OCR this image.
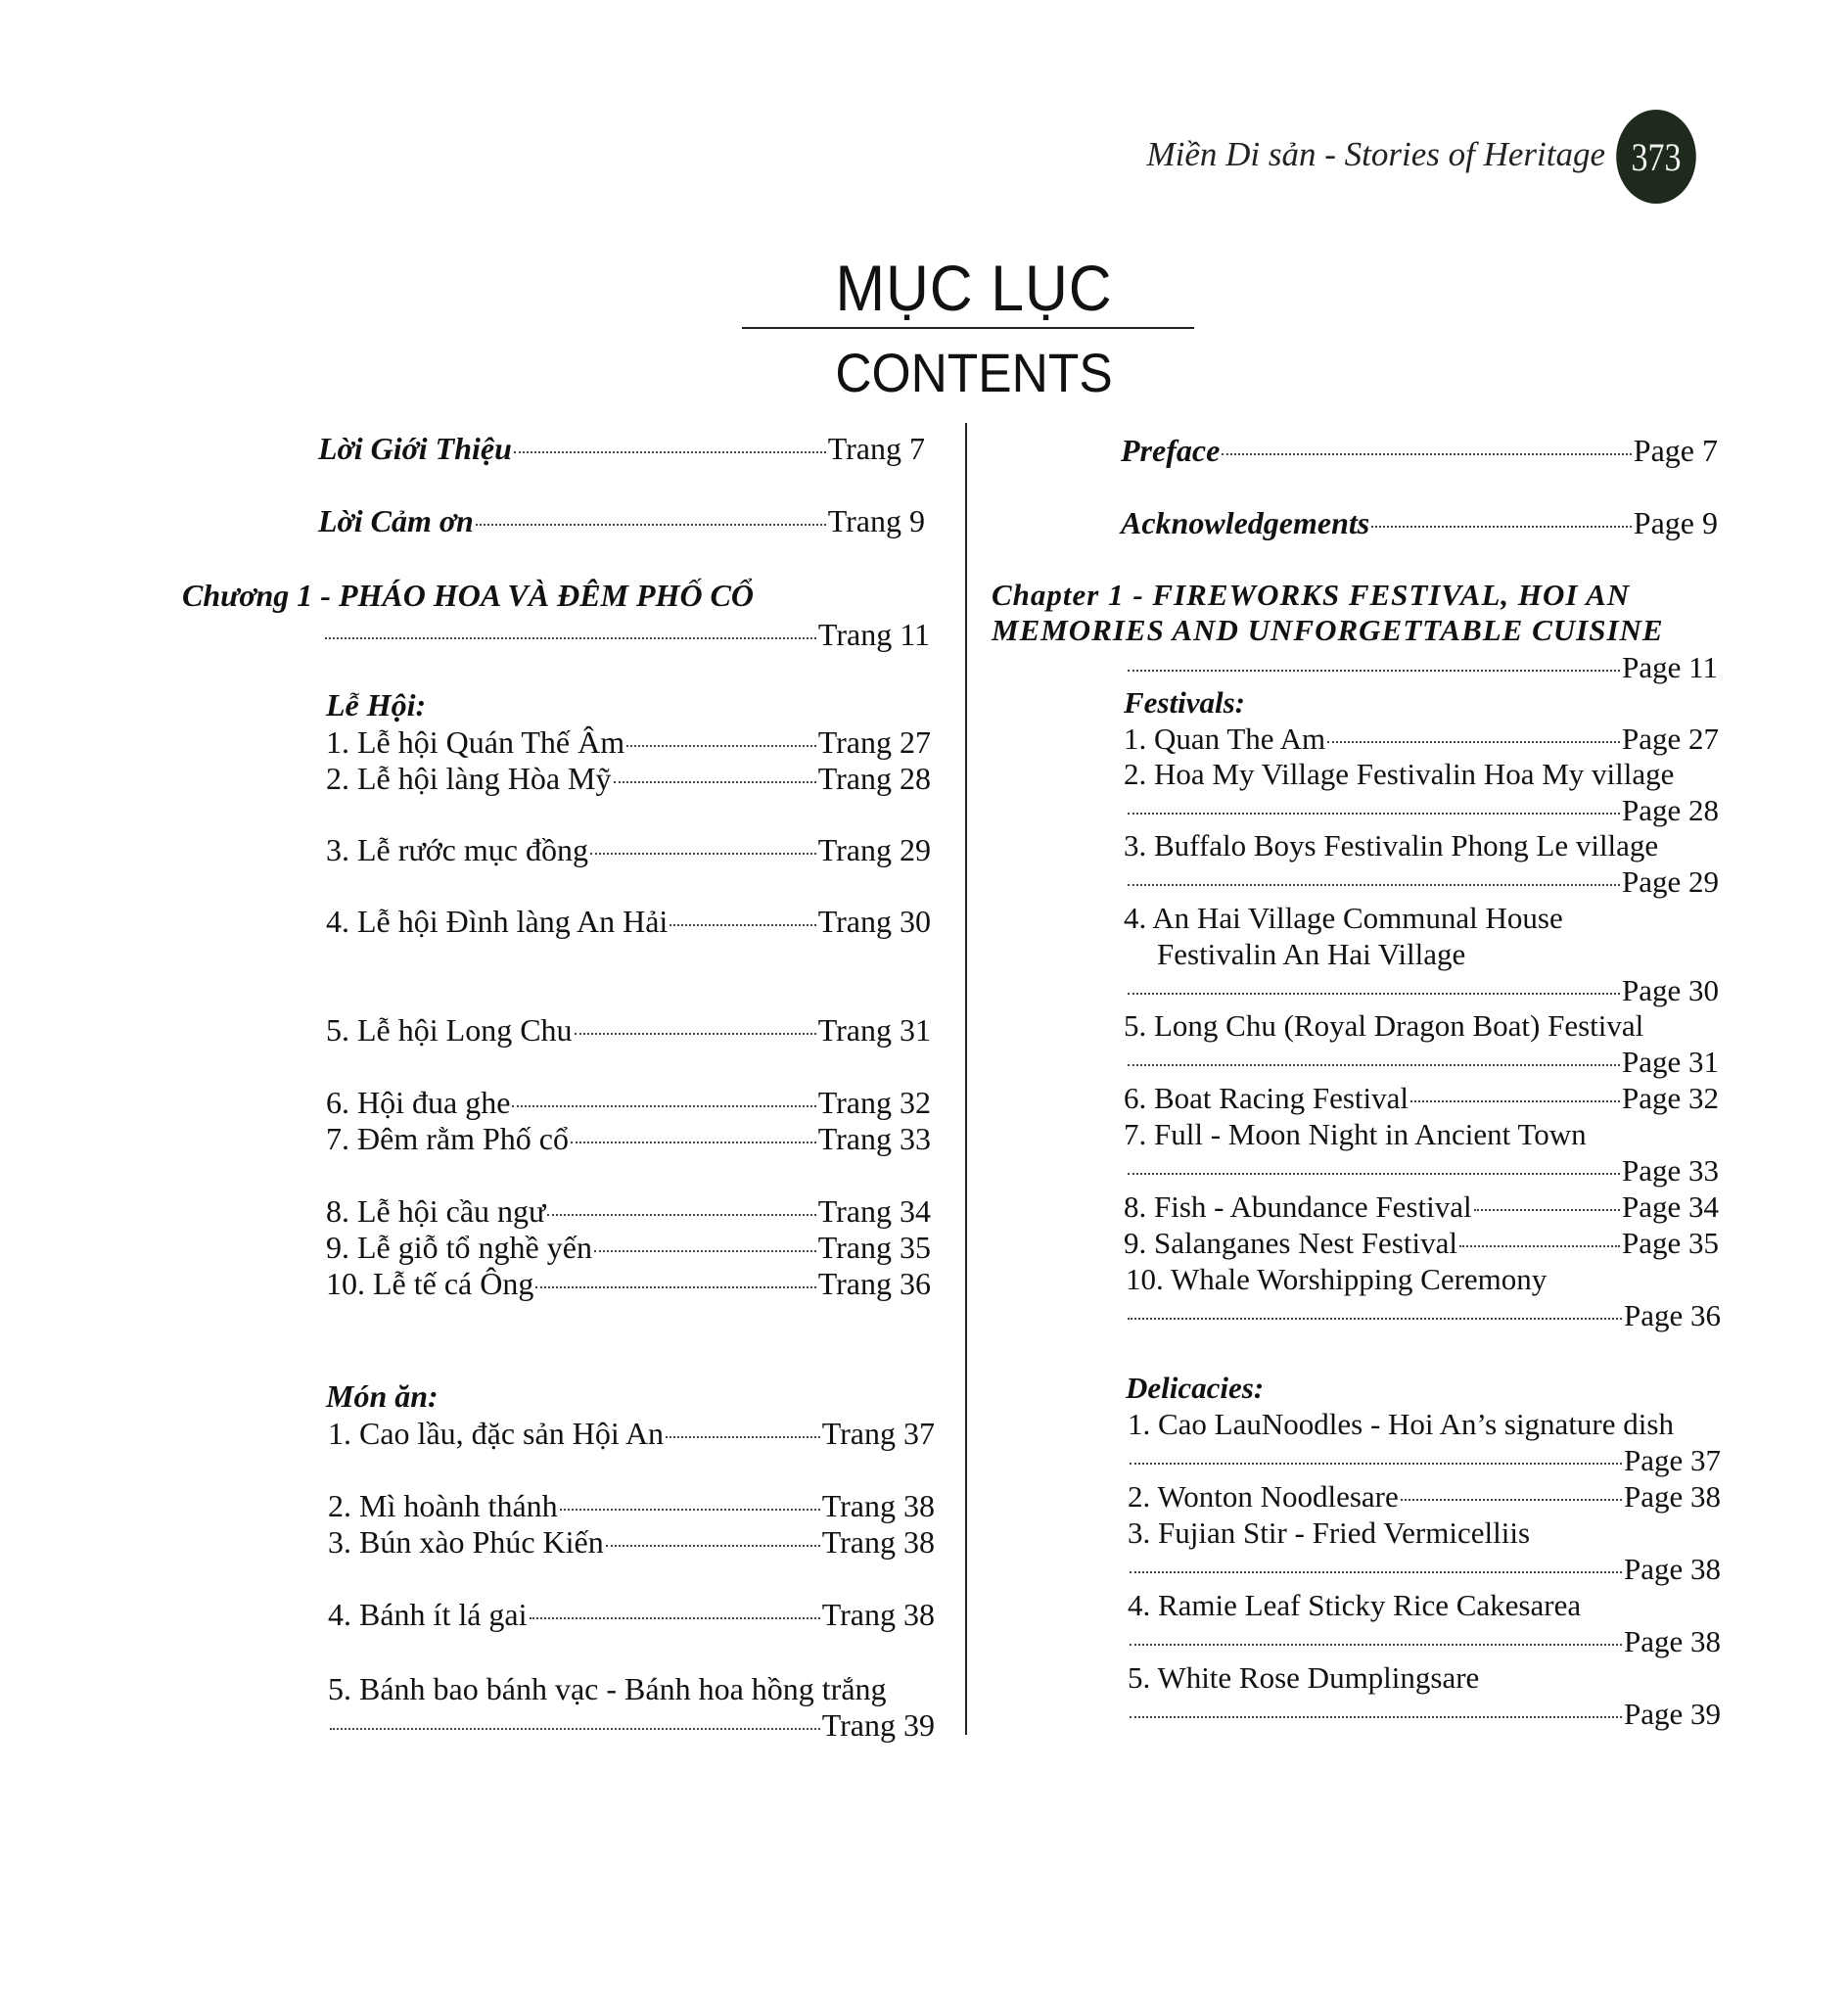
Miền Di sản - Stories of Heritage 373
MỤC LỤC
CONTENTS
Lời Giới Thiệu	Trang 7
Lời Cảm ơn	Trang 9
Chương 1 - PHÁO HOA VÀ ĐÊM PHỐ CỔ
Trang 11
Lễ Hội:
1. Lễ hội Quán Thế Âm	Trang 27
2. Lễ hội làng Hòa Mỹ	Trang 28
3. Lễ rước mục đồng	Trang 29
4. Lễ hội Đình làng An Hải	Trang 30
5. Lễ hội Long Chu	Trang 31
6. Hội đua ghe	Trang 32
7. Đêm rằm Phố cổ	Trang 33
8. Lễ hội cầu ngư	Trang 34
9. Lễ giỗ tổ nghề yến	Trang 35
10. Lễ tế cá Ông	Trang 36
Món ăn:
1. Cao lầu, đặc sản Hội An	Trang 37
2. Mì hoành thánh	Trang 38
3. Bún xào Phúc Kiến	Trang 38
4. Bánh ít lá gai	Trang 38
5. Bánh bao bánh vạc - Bánh hoa hồng trắng
Trang 39
Preface	Page 7
Acknowledgements	Page 9
Chapter 1 - FIREWORKS FESTIVAL, HOI AN
MEMORIES AND UNFORGETTABLE CUISINE
Page 11
Festivals:
1. Quan The Am	Page 27
2. Hoa My Village Festivalin Hoa My village
Page 28
3. Buffalo Boys Festivalin Phong Le village
Page 29
4. An Hai Village Communal House
Festivalin An Hai Village
Page 30
5. Long Chu (Royal Dragon Boat) Festival
Page 31
6. Boat Racing Festival	Page 32
7. Full - Moon Night in Ancient Town
Page 33
8. Fish - Abundance Festival	Page 34
9. Salanganes Nest Festival	Page 35
10. Whale Worshipping Ceremony
Page 36
Delicacies:
1. Cao LauNoodles - Hoi An’s signature dish
Page 37
2. Wonton Noodlesare	Page 38
3. Fujian Stir - Fried Vermicelliis
Page 38
4. Ramie Leaf Sticky Rice Cakesarea
Page 38
5. White Rose Dumplingsare
Page 39
